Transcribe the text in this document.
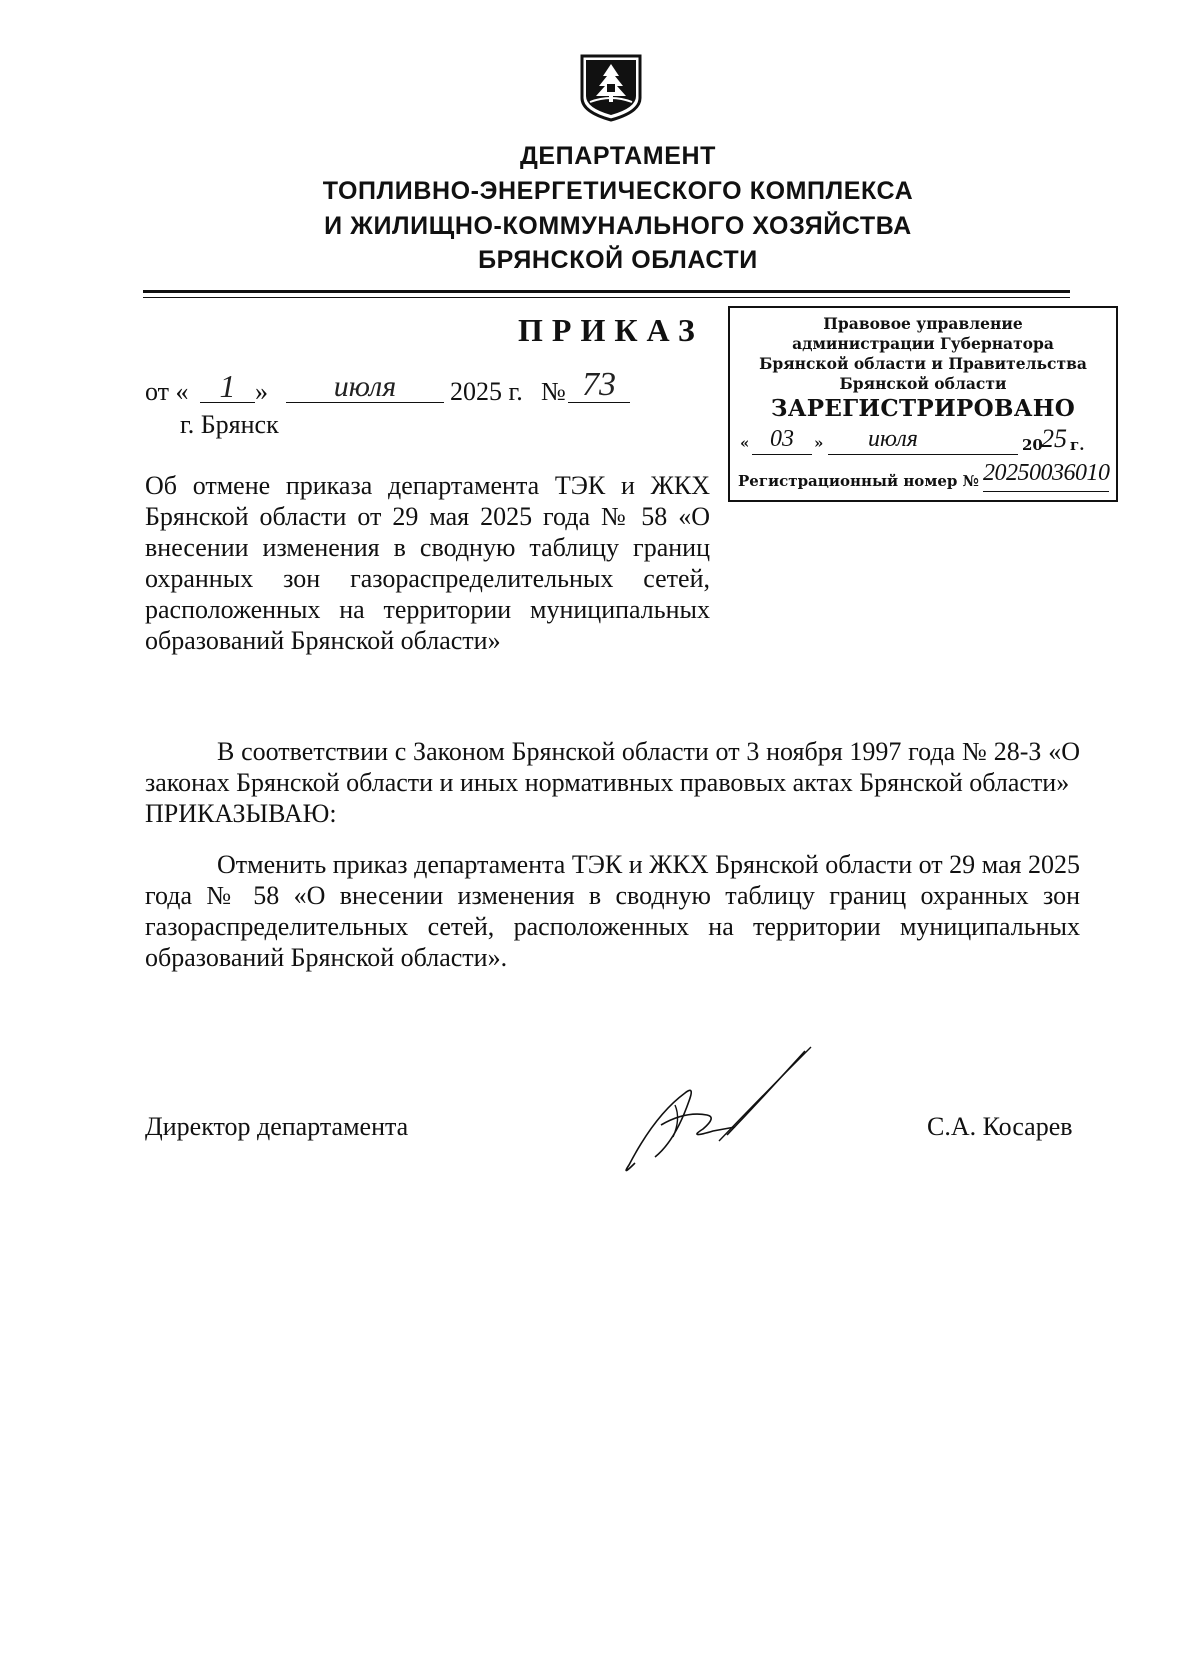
ДЕПАРТАМЕНТ
ТОПЛИВНО-ЭНЕРГЕТИЧЕСКОГО КОМПЛЕКСА
И ЖИЛИЩНО-КОММУНАЛЬНОГО ХОЗЯЙСТВА
БРЯНСКОЙ ОБЛАСТИ
ПРИКАЗ
от « 1 »	июля	2025 г. № 73
г. Брянск
Правовое управление
администрации Губернатора
Брянской области и Правительства
Брянской области
ЗАРЕГИСТРИРОВАНО
« 03	»	июля	20
25 г.
Регистрационный номер № 20250036010
Об отмене приказа департамента ТЭК и ЖКХ Брянской области от 29 мая 2025 года № 58 «О внесении изменения в сводную таблицу границ охранных зон газораспределительных сетей, расположенных на территории муниципальных образований Брянской области»

В соответствии с Законом Брянской области от 3 ноября 1997 года № 28-З «О законах Брянской области и иных нормативных правовых актах Брянской области»

ПРИКАЗЫВАЮ:

Отменить приказ департамента ТЭК и ЖКХ Брянской области от 29 мая 2025 года № 58 «О внесении изменения в сводную таблицу границ охранных зон газораспределительных сетей, расположенных на территории муниципальных образований Брянской области».

Директор департамента	С.А. Косарев
